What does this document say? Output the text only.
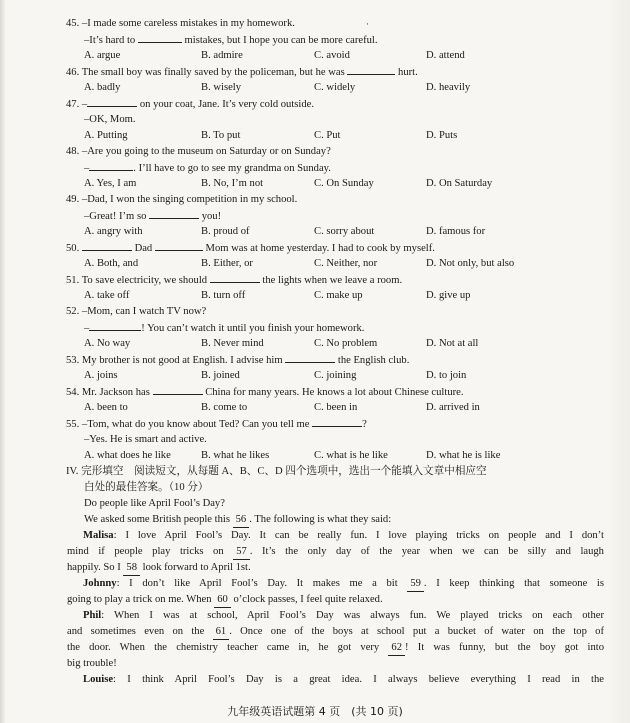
·
45. –I made some careless mistakes in my homework.
–It’s hard to	mistakes, but I hope you can be more careful.
A. argue	B. admire	C. avoid	D. attend
46. The small boy was finally saved by the policeman, but he was	hurt.
A. badly	B. wisely	C. widely	D. heavily
47. –	on your coat, Jane. It’s very cold outside.
–OK, Mom.
A. Putting	B. To put	C. Put	D. Puts
48. –Are you going to the museum on Saturday or on Sunday?
–	. I’ll have to go to see my grandma on Sunday.
A. Yes, I am	B. No, I’m not	C. On Sunday	D. On Saturday
49. –Dad, I won the singing competition in my school.
–Great! I’m so	you!
A. angry with	B. proud of	C. sorry about	D. famous for
50.	Dad	Mom was at home yesterday. I had to cook by myself.
A. Both, and	B. Either, or	C. Neither, nor	D. Not only, but also
51. To save electricity, we should	the lights when we leave a room.
A. take off	B. turn off	C. make up	D. give up
52. –Mom, can I watch TV now?
–	! You can’t watch it until you finish your homework.
A. No way	B. Never mind	C. No problem	D. Not at all
53. My brother is not good at English. I advise him	the English club.
A. joins	B. joined	C. joining	D. to join
54. Mr. Jackson has	China for many years. He knows a lot about Chinese culture.
A. been to	B. come to	C. been in	D. arrived in
55. –Tom, what do you know about Ted? Can you tell me	?
–Yes. He is smart and active.
A. what does he like	B. what he likes	C. what is he like	D. what he is like
IV. 完形填空　阅读短文，从每题 A、B、C、D 四个选项中，选出一个能填入文章中相应空
白处的最佳答案。（10 分）
Do people like April Fool’s Day?
We asked some British people this 56 . The following is what they said:
Malisa: I love April Fool’s Day. It can be really fun. I love playing tricks on people and I don’t
mind if people play tricks on 57 . It’s the only day of the year when we can be silly and laugh
happily. So I 58 look forward to April 1st.
Johnny: I don’t like April Fool’s Day. It makes me a bit 59 . I keep thinking that someone is
going to play a trick on me. When 60 o’clock passes, I feel quite relaxed.
Phil: When I was at school, April Fool’s Day was always fun. We played tricks on each other
and sometimes even on the 61 . Once one of the boys at school put a bucket of water on the top of
the door. When the chemistry teacher came in, he got very 62 ! It was funny, but the boy got into
big trouble!
Louise: I think April Fool’s Day is a great idea. I always believe everything I read in the
九年级英语试题第 4 页　(共 10 页)
